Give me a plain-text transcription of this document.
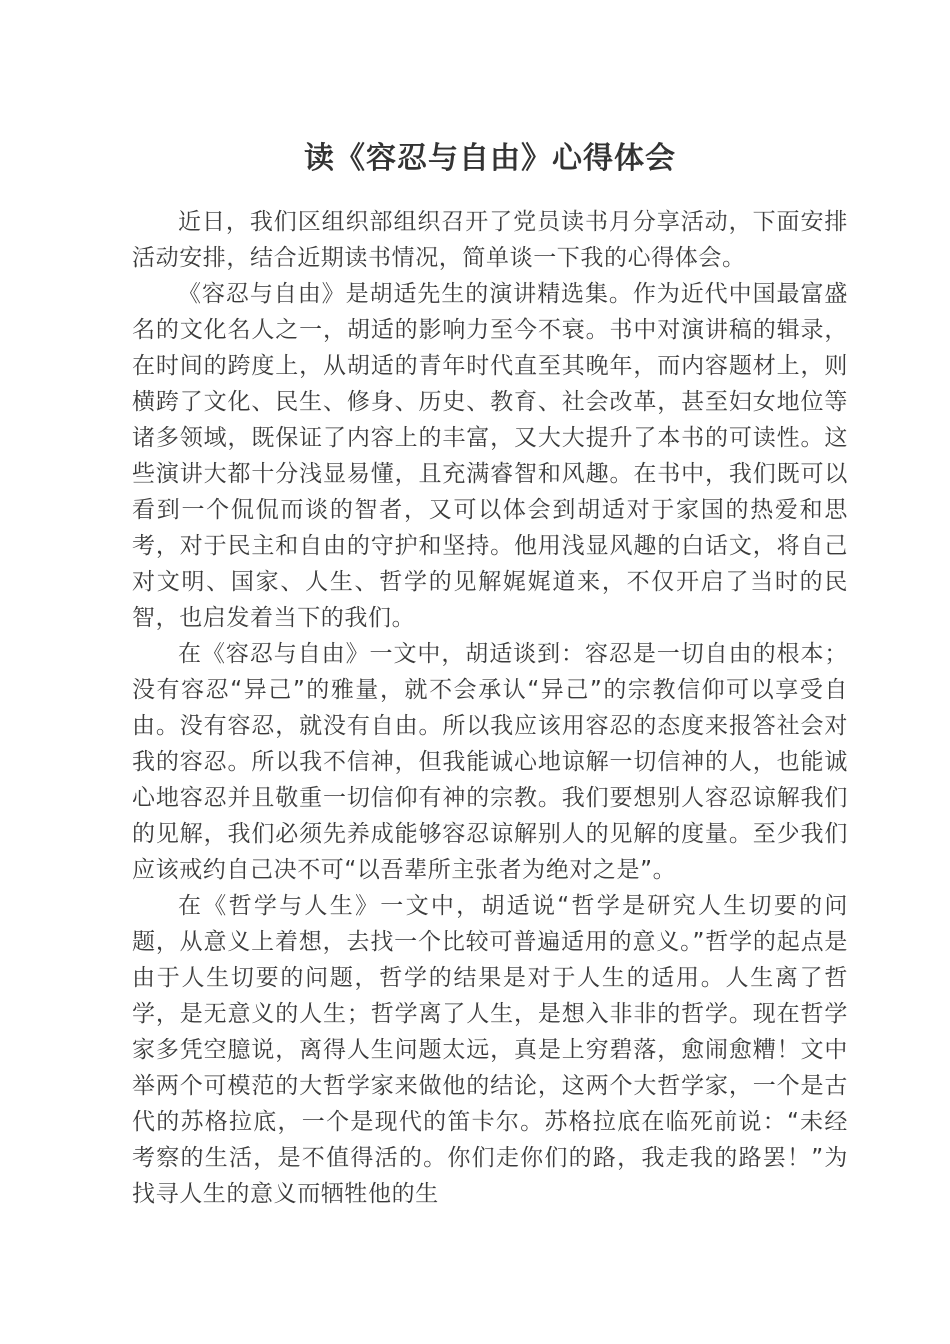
读《容忍与自由》心得体会

近日，我们区组织部组织召开了党员读书月分享活动，下面安排活动安排，结合近期读书情况，简单谈一下我的心得体会。

《容忍与自由》是胡适先生的演讲精选集。作为近代中国最富盛名的文化名人之一，胡适的影响力至今不衰。书中对演讲稿的辑录，在时间的跨度上，从胡适的青年时代直至其晚年，而内容题材上，则横跨了文化、民生、修身、历史、教育、社会改革，甚至妇女地位等诸多领域，既保证了内容上的丰富，又大大提升了本书的可读性。这些演讲大都十分浅显易懂，且充满睿智和风趣。在书中，我们既可以看到一个侃侃而谈的智者，又可以体会到胡适对于家国的热爱和思考，对于民主和自由的守护和坚持。他用浅显风趣的白话文，将自己对文明、国家、人生、哲学的见解娓娓道来，不仅开启了当时的民智，也启发着当下的我们。

在《容忍与自由》一文中，胡适谈到：容忍是一切自由的根本；没有容忍“异己”的雅量，就不会承认“异己”的宗教信仰可以享受自由。没有容忍，就没有自由。所以我应该用容忍的态度来报答社会对我的容忍。所以我不信神，但我能诚心地谅解一切信神的人，也能诚心地容忍并且敬重一切信仰有神的宗教。我们要想别人容忍谅解我们的见解，我们必须先养成能够容忍谅解别人的见解的度量。至少我们应该戒约自己决不可“以吾辈所主张者为绝对之是”。

在《哲学与人生》一文中，胡适说“哲学是研究人生切要的问题，从意义上着想，去找一个比较可普遍适用的意义。”哲学的起点是由于人生切要的问题，哲学的结果是对于人生的适用。人生离了哲学，是无意义的人生；哲学离了人生，是想入非非的哲学。现在哲学家多凭空臆说，离得人生问题太远，真是上穷碧落，愈闹愈糟！文中举两个可模范的大哲学家来做他的结论，这两个大哲学家，一个是古代的苏格拉底，一个是现代的笛卡尔。苏格拉底在临死前说：“未经考察的生活，是不值得活的。你们走你们的路，我走我的路罢！”为找寻人生的意义而牺牲他的生
